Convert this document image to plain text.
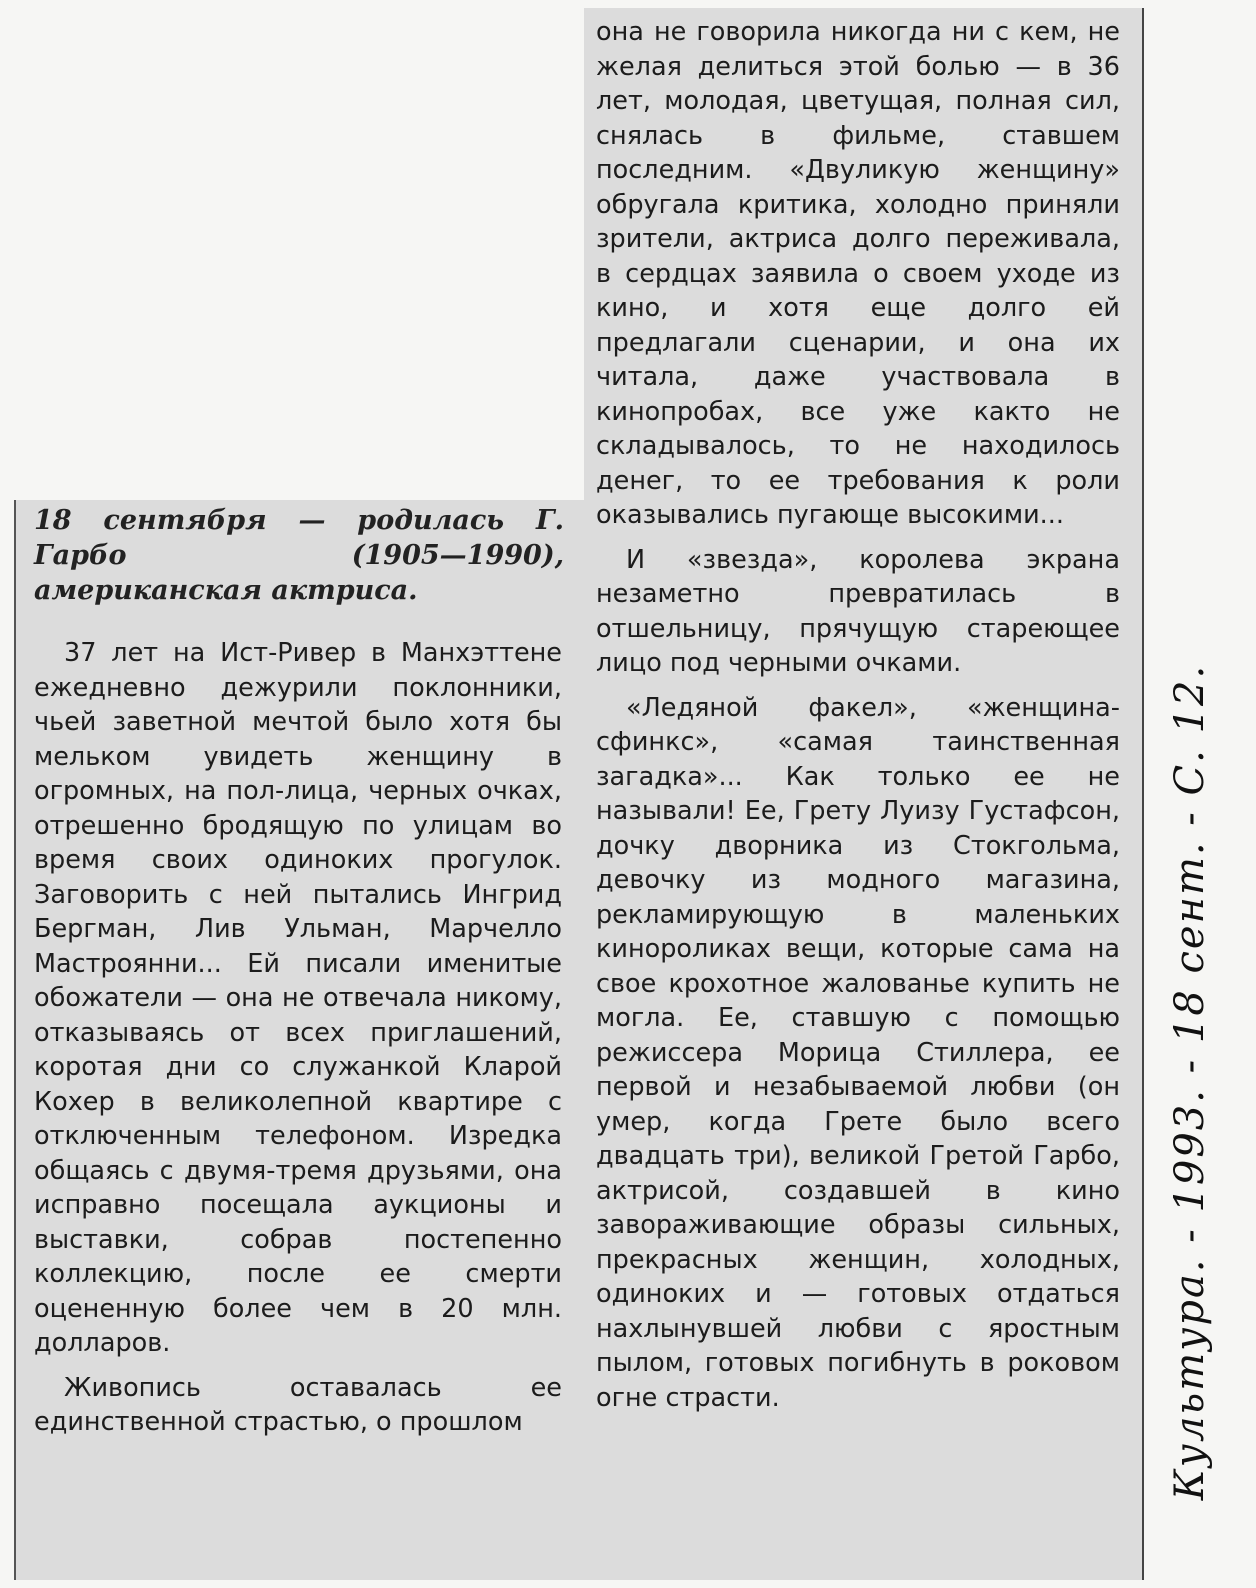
18 сентября — родилась Г. Гарбо (1905—1990), американская актриса.

37 лет на Ист-Ривер в Манхэттене ежедневно дежурили поклонники, чьей заветной мечтой было хотя бы мельком увидеть женщину в огромных, на пол-лица, черных очках, отрешенно бродящую по улицам во время своих одиноких прогулок. Заговорить с ней пытались Ингрид Бергман, Лив Ульман, Марчелло Мастроянни... Ей писали именитые обожатели — она не отвечала никому, отказываясь от всех приглашений, коротая дни со служанкой Кларой Кохер в великолепной квартире с отключенным телефоном. Изредка общаясь с двумя-тремя друзьями, она исправно посещала аукционы и выставки, собрав постепенно коллекцию, после ее смерти оцененную более чем в 20 млн. долларов.

Живопись оставалась ее единственной страстью, о прошлом

она не говорила никогда ни с кем, не желая делиться этой болью — в 36 лет, молодая, цветущая, полная сил, снялась в фильме, ставшем последним. «Двуликую женщину» обругала критика, холодно приняли зрители, актриса долго переживала, в сердцах заявила о своем уходе из кино, и хотя еще долго ей предлагали сценарии, и она их читала, даже участвовала в кинопробах, все уже както не складывалось, то не находилось денег, то ее требования к роли оказывались пугающе высокими...

И «звезда», королева экрана незаметно превратилась в отшельницу, прячущую стареющее лицо под черными очками.

«Ледяной факел», «женщина-сфинкс», «самая таинственная загадка»... Как только ее не называли! Ее, Грету Луизу Густафсон, дочку дворника из Стокгольма, девочку из модного магазина, рекламирующую в маленьких кинороликах вещи, которые сама на свое крохотное жалованье купить не могла. Ее, ставшую с помощью режиссера Морица Стиллера, ее первой и незабываемой любви (он умер, когда Грете было всего двадцать три), великой Гретой Гарбо, актрисой, создавшей в кино завораживающие образы сильных, прекрасных женщин, холодных, одиноких и — готовых отдаться нахлынувшей любви с яростным пылом, готовых погибнуть в роковом огне страсти.	Культура. - 1993. - 18 сент. - С. 12.
